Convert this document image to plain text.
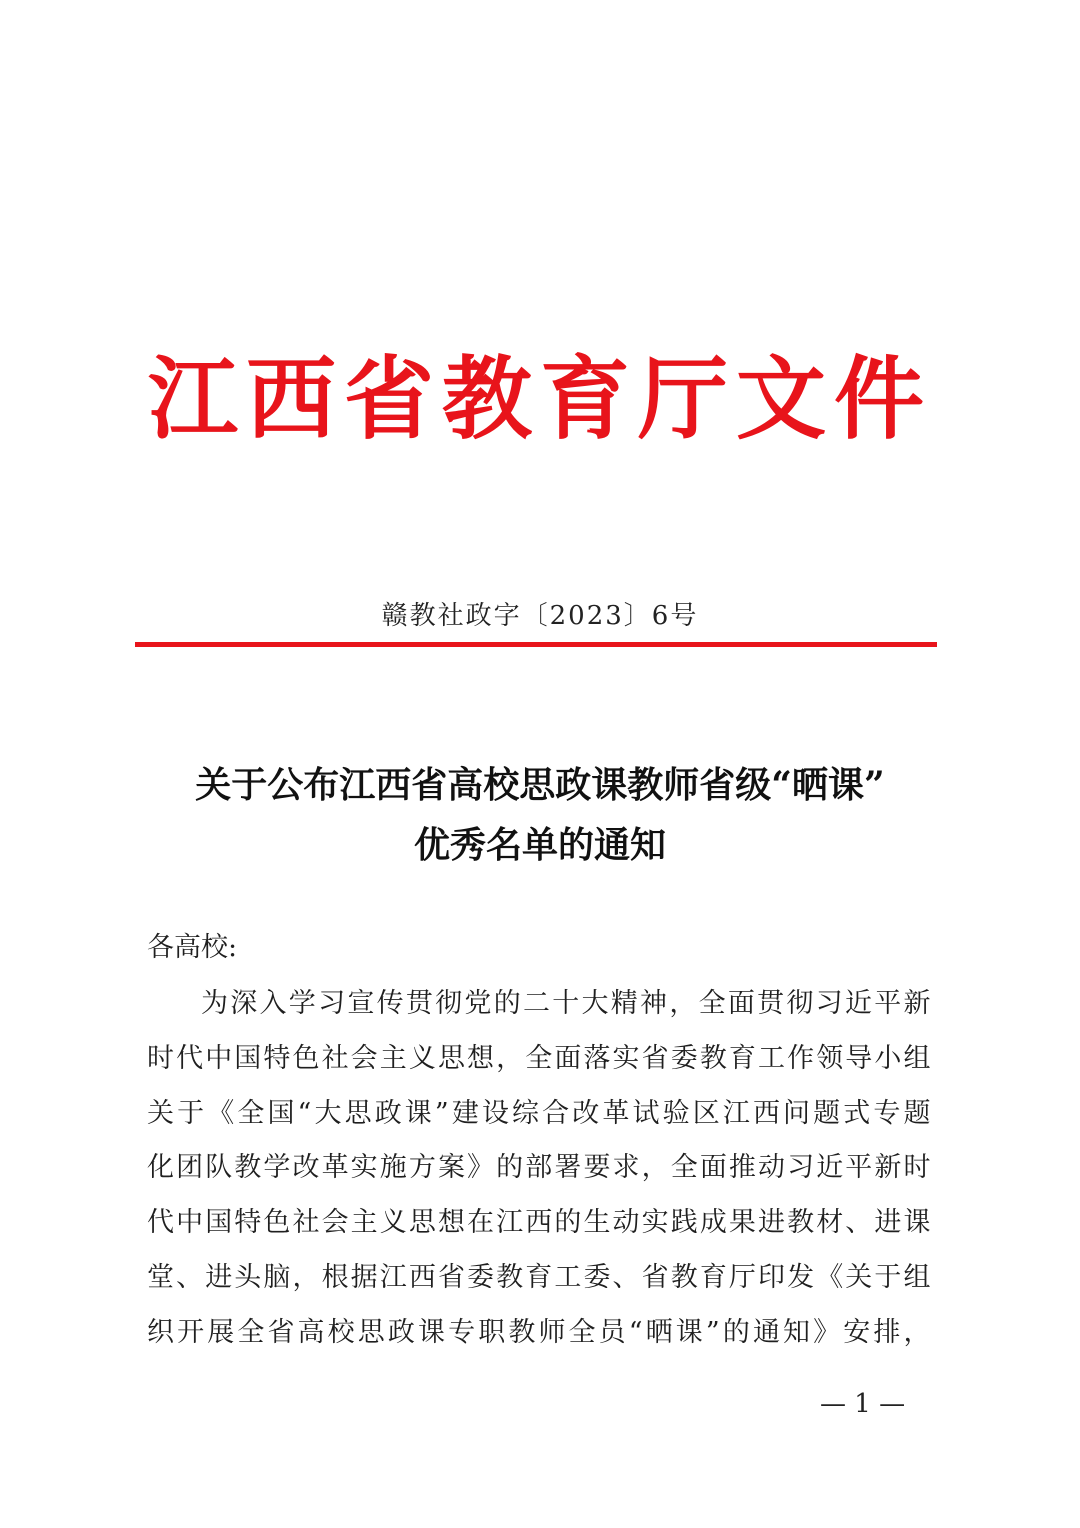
江西省教育厅文件
赣教社政字〔2023〕6号
关于公布江西省高校思政课教师省级“晒课”
优秀名单的通知
各高校:
为深入学习宣传贯彻党的二十大精神，全面贯彻习近平新
时代中国特色社会主义思想，全面落实省委教育工作领导小组
关于《全国“大思政课”建设综合改革试验区江西问题式专题
化团队教学改革实施方案》的部署要求，全面推动习近平新时
代中国特色社会主义思想在江西的生动实践成果进教材、进课
堂、进头脑，根据江西省委教育工委、省教育厅印发《关于组
织开展全省高校思政课专职教师全员“晒课”的通知》安排，
— 1 —
